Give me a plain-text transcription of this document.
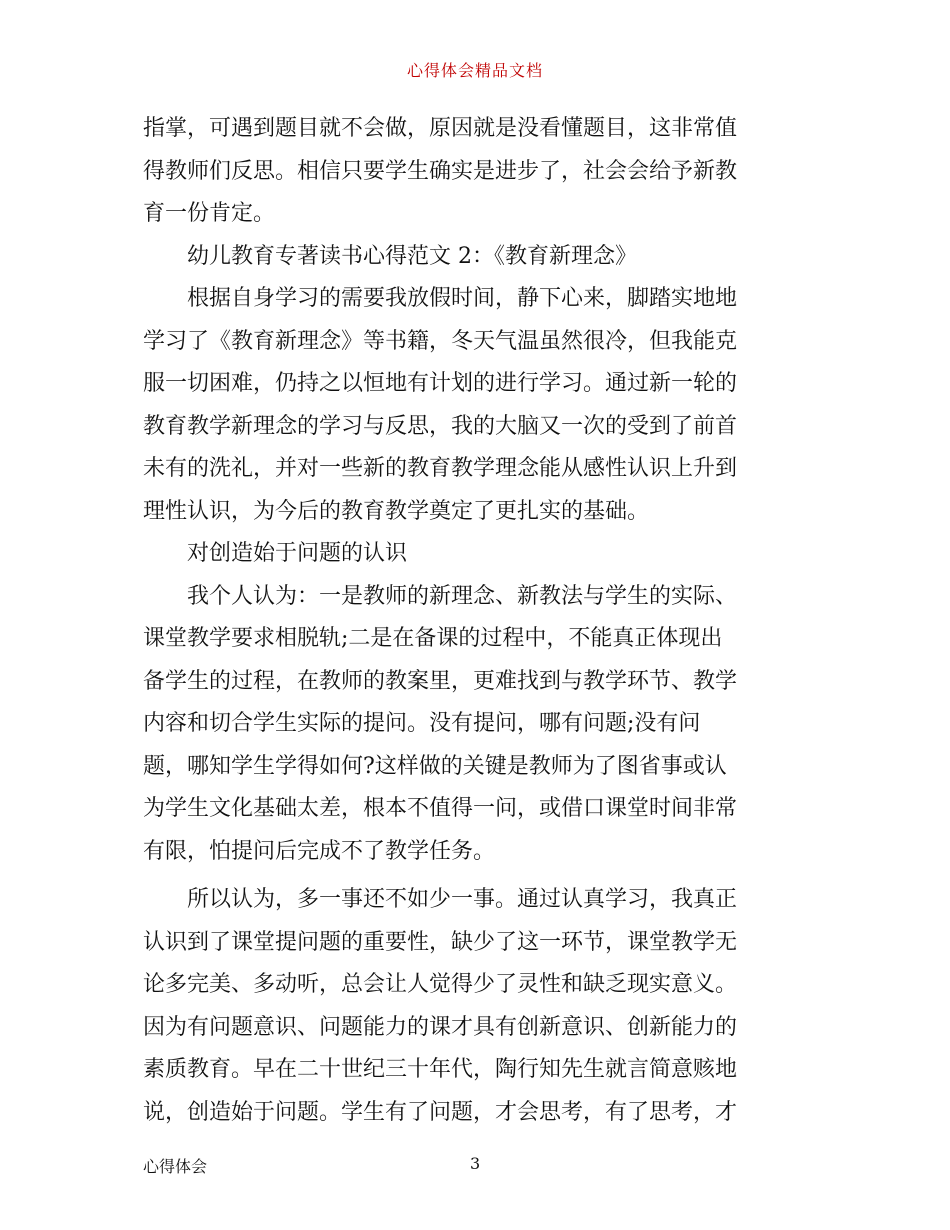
心得体会精品文档

指掌，可遇到题目就不会做，原因就是没看懂题目，这非常值

得教师们反思。相信只要学生确实是进步了，社会会给予新教

育一份肯定。

　　幼儿教育专著读书心得范文 2：《教育新理念》

　　根据自身学习的需要我放假时间，静下心来，脚踏实地地

学习了《教育新理念》等书籍，冬天气温虽然很冷，但我能克

服一切困难，仍持之以恒地有计划的进行学习。通过新一轮的

教育教学新理念的学习与反思，我的大脑又一次的受到了前首

未有的洗礼，并对一些新的教育教学理念能从感性认识上升到

理性认识，为今后的教育教学奠定了更扎实的基础。

　　对创造始于问题的认识

　　我个人认为：一是教师的新理念、新教法与学生的实际、

课堂教学要求相脱轨;二是在备课的过程中，不能真正体现出

备学生的过程，在教师的教案里，更难找到与教学环节、教学

内容和切合学生实际的提问。没有提问，哪有问题;没有问

题，哪知学生学得如何?这样做的关键是教师为了图省事或认

为学生文化基础太差，根本不值得一问，或借口课堂时间非常

有限，怕提问后完成不了教学任务。

　　所以认为，多一事还不如少一事。通过认真学习，我真正

认识到了课堂提问题的重要性，缺少了这一环节，课堂教学无

论多完美、多动听，总会让人觉得少了灵性和缺乏现实意义。

因为有问题意识、问题能力的课才具有创新意识、创新能力的

素质教育。早在二十世纪三十年代，陶行知先生就言简意赅地

说，创造始于问题。学生有了问题，才会思考，有了思考，才

心得体会	3
